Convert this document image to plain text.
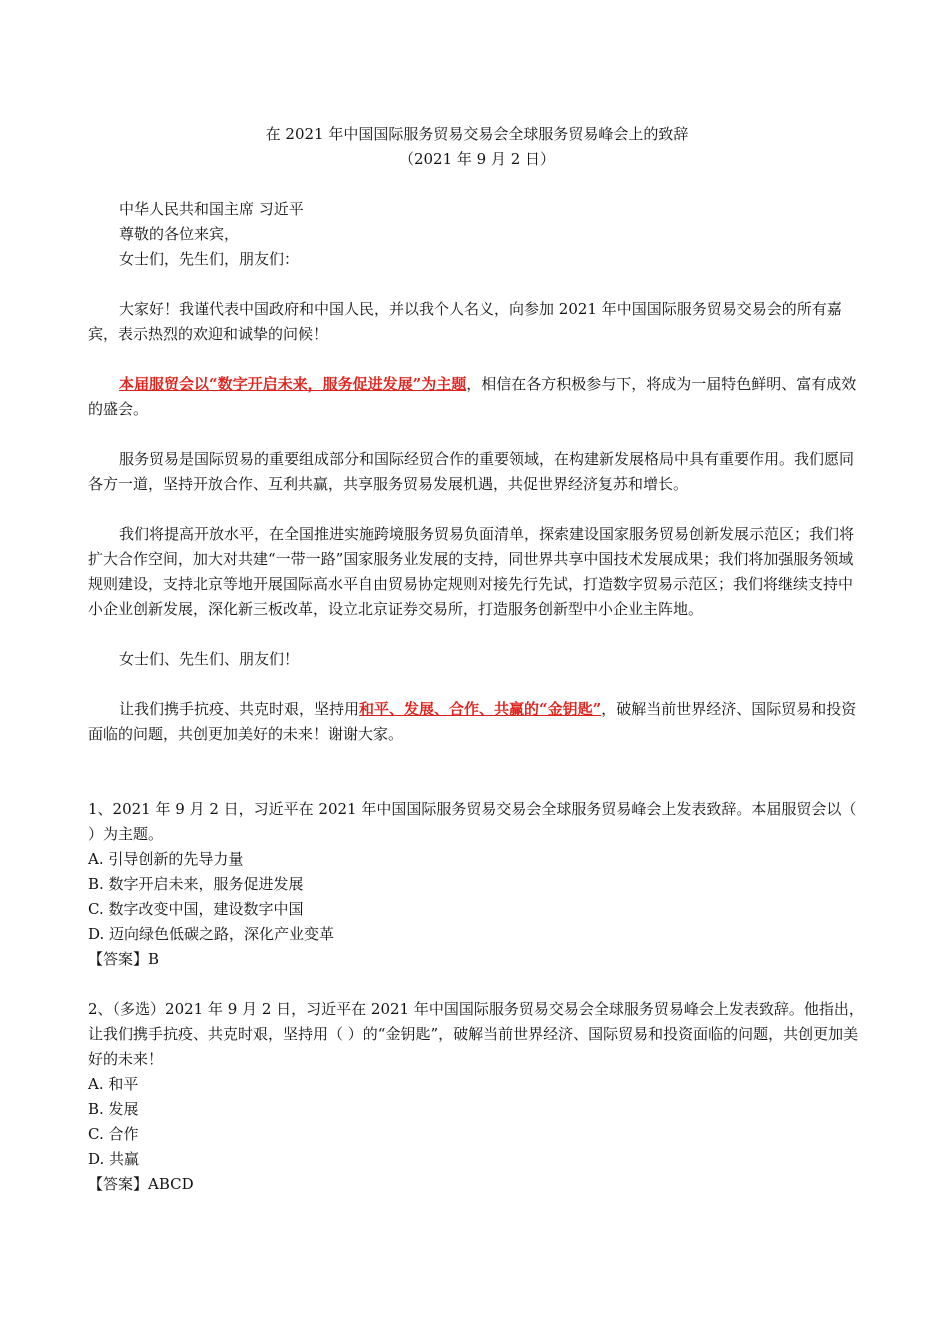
在 2021 年中国国际服务贸易交易会全球服务贸易峰会上的致辞

（2021 年 9 月 2 日）

中华人民共和国主席 习近平

尊敬的各位来宾，

女士们，先生们，朋友们：

大家好！我谨代表中国政府和中国人民，并以我个人名义，向参加 2021 年中国国际服务贸易交易会的所有嘉宾，表示热烈的欢迎和诚挚的问候！

本届服贸会以“数字开启未来，服务促进发展”为主题，相信在各方积极参与下，将成为一届特色鲜明、富有成效的盛会。

服务贸易是国际贸易的重要组成部分和国际经贸合作的重要领域，在构建新发展格局中具有重要作用。我们愿同各方一道，坚持开放合作、互利共赢，共享服务贸易发展机遇，共促世界经济复苏和增长。

我们将提高开放水平，在全国推进实施跨境服务贸易负面清单，探索建设国家服务贸易创新发展示范区；我们将扩大合作空间，加大对共建“一带一路”国家服务业发展的支持，同世界共享中国技术发展成果；我们将加强服务领域规则建设，支持北京等地开展国际高水平自由贸易协定规则对接先行先试，打造数字贸易示范区；我们将继续支持中小企业创新发展，深化新三板改革，设立北京证券交易所，打造服务创新型中小企业主阵地。

女士们、先生们、朋友们！

让我们携手抗疫、共克时艰，坚持用和平、发展、合作、共赢的“金钥匙”，破解当前世界经济、国际贸易和投资面临的问题，共创更加美好的未来！谢谢大家。

1、2021 年 9 月 2 日，习近平在 2021 年中国国际服务贸易交易会全球服务贸易峰会上发表致辞。本届服贸会以（ ）为主题。

A. 引导创新的先导力量

B. 数字开启未来，服务促进发展

C. 数字改变中国，建设数字中国

D. 迈向绿色低碳之路，深化产业变革

【答案】B

2、（多选）2021 年 9 月 2 日，习近平在 2021 年中国国际服务贸易交易会全球服务贸易峰会上发表致辞。他指出，让我们携手抗疫、共克时艰，坚持用（ ）的“金钥匙”，破解当前世界经济、国际贸易和投资面临的问题，共创更加美好的未来！

A. 和平

B. 发展

C. 合作

D. 共赢

【答案】ABCD
